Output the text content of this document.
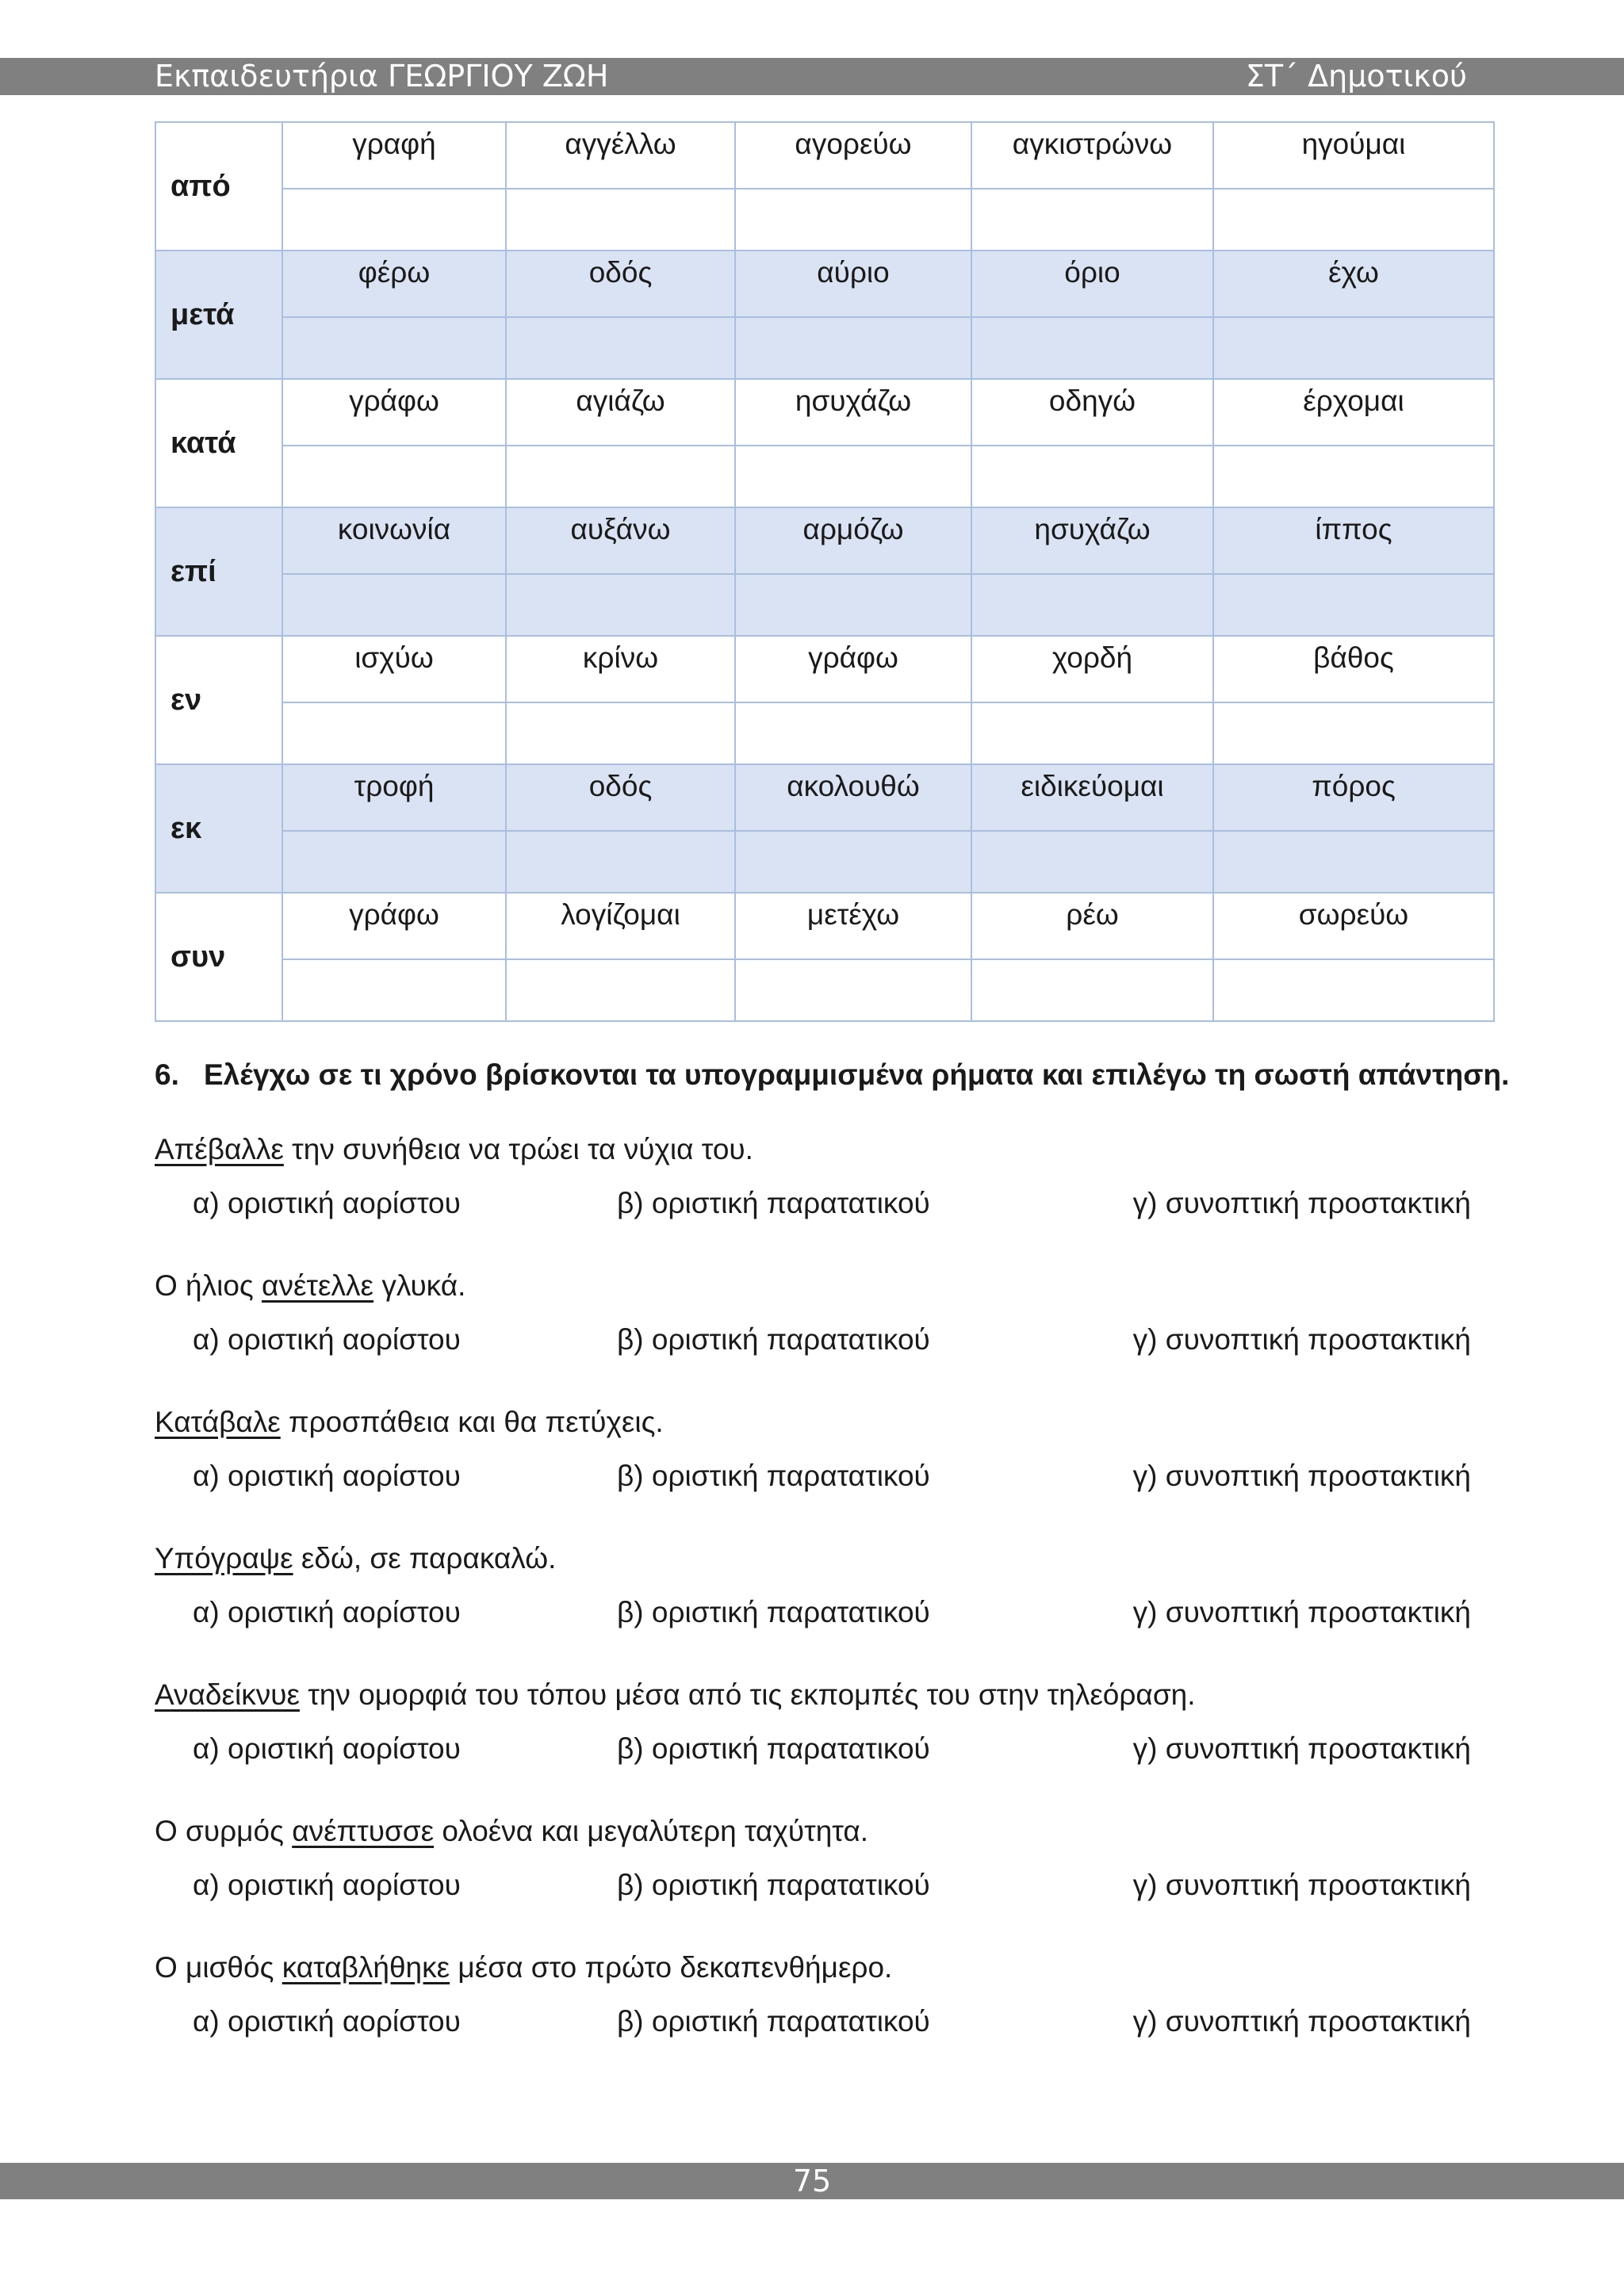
Εκπαιδευτήρια ΓΕΩΡΓΙΟΥ ΖΩΗ	ΣΤ΄ Δημοτικού
από	γραφή	αγγέλλω	αγορεύω	αγκιστρώνω	ηγούμαι

μετά	φέρω	οδός	αύριο	όριο	έχω

κατά	γράφω	αγιάζω	ησυχάζω	οδηγώ	έρχομαι

επί	κοινωνία	αυξάνω	αρμόζω	ησυχάζω	ίππος

εν	ισχύω	κρίνω	γράφω	χορδή	βάθος

εκ	τροφή	οδός	ακολουθώ	ειδικεύομαι	πόρος

συν	γράφω	λογίζομαι	μετέχω	ρέω	σωρεύω

6. Ελέγχω σε τι χρόνο βρίσκονται τα υπογραμμισμένα ρήματα και επιλέγω τη σωστή απάντηση.
Απέβαλλε την συνήθεια να τρώει τα νύχια του.
α) οριστική αορίστου	β) οριστική παρατατικού	γ) συνοπτική προστακτική
Ο ήλιος ανέτελλε γλυκά.
α) οριστική αορίστου	β) οριστική παρατατικού	γ) συνοπτική προστακτική
Κατάβαλε προσπάθεια και θα πετύχεις.
α) οριστική αορίστου	β) οριστική παρατατικού	γ) συνοπτική προστακτική
Υπόγραψε εδώ, σε παρακαλώ.
α) οριστική αορίστου	β) οριστική παρατατικού	γ) συνοπτική προστακτική
Αναδείκνυε την ομορφιά του τόπου μέσα από τις εκπομπές του στην τηλεόραση.
α) οριστική αορίστου	β) οριστική παρατατικού	γ) συνοπτική προστακτική
Ο συρμός ανέπτυσσε ολοένα και μεγαλύτερη ταχύτητα.
α) οριστική αορίστου	β) οριστική παρατατικού	γ) συνοπτική προστακτική
Ο μισθός καταβλήθηκε μέσα στο πρώτο δεκαπενθήμερο.
α) οριστική αορίστου	β) οριστική παρατατικού	γ) συνοπτική προστακτική
75
